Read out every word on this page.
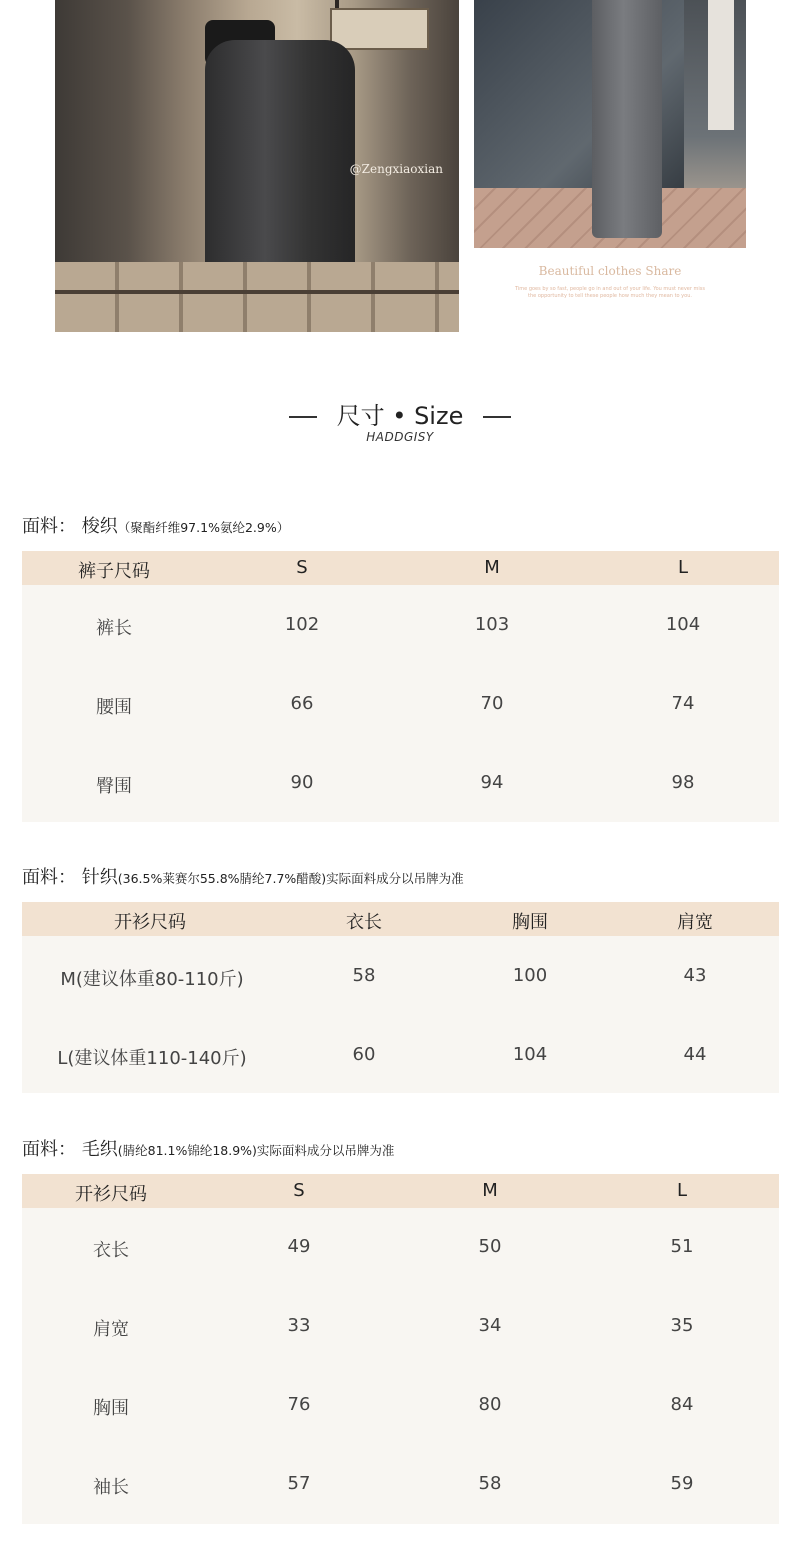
@Zengxiaoxian
Beautiful clothes Share
Time goes by so fast, people go in and out of your life. You must never miss
the opportunity to tell these people how much they mean to you.
尺寸 • Size
HADDGISY
面料： 梭织（聚酯纤维97.1%氨纶2.9%）
裤子尺码	S	M	L
裤长	102	103	104
腰围	66	70	74
臀围	90	94	98
面料： 针织(36.5%莱赛尔55.8%腈纶7.7%醋酸)实际面料成分以吊牌为准
开衫尺码	衣长	胸围	肩宽
M(建议体重80-110斤)	58	100	43
L(建议体重110-140斤)	60	104	44
面料： 毛织(腈纶81.1%锦纶18.9%)实际面料成分以吊牌为准
开衫尺码	S	M	L
衣长	49	50	51
肩宽	33	34	35
胸围	76	80	84
袖长	57	58	59
